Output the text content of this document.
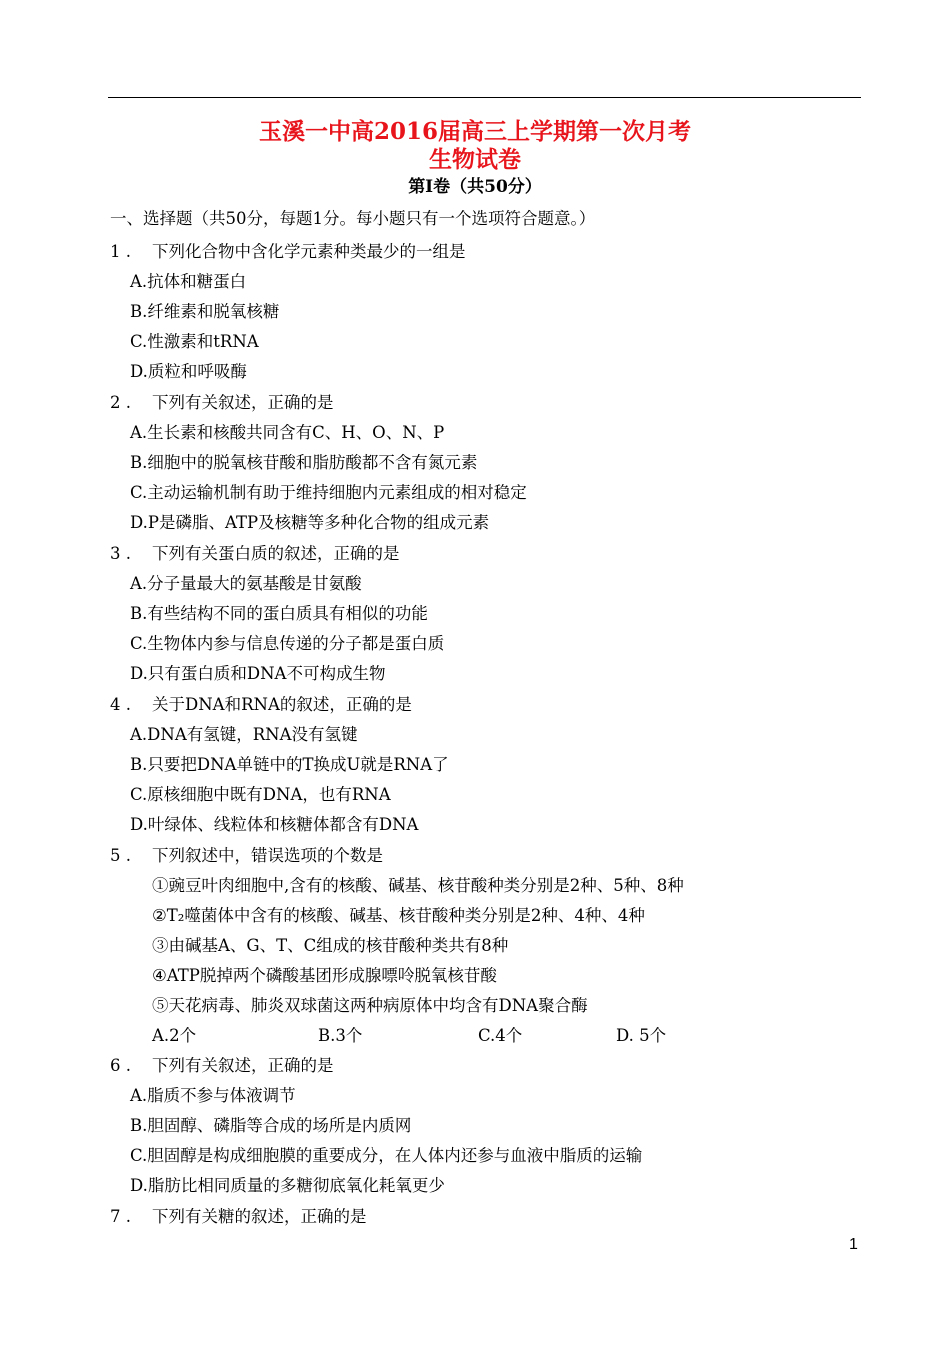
玉溪一中高2016届高三上学期第一次月考
生物试卷
第Ⅰ卷（共50分）
一、选择题（共50分，每题1分。每小题只有一个选项符合题意。）
1 . 下列化合物中含化学元素种类最少的一组是
A.抗体和糖蛋白
B.纤维素和脱氧核糖
C.性激素和tRNA
D.质粒和呼吸酶
2 . 下列有关叙述，正确的是
A.生长素和核酸共同含有C、H、O、N、P
B.细胞中的脱氧核苷酸和脂肪酸都不含有氮元素
C.主动运输机制有助于维持细胞内元素组成的相对稳定
D.P是磷脂、ATP及核糖等多种化合物的组成元素
3 . 下列有关蛋白质的叙述，正确的是
A.分子量最大的氨基酸是甘氨酸
B.有些结构不同的蛋白质具有相似的功能
C.生物体内参与信息传递的分子都是蛋白质
D.只有蛋白质和DNA不可构成生物
4 . 关于DNA和RNA的叙述，正确的是
A.DNA有氢键，RNA没有氢键
B.只要把DNA单链中的T换成U就是RNA了
C.原核细胞中既有DNA，也有RNA
D.叶绿体、线粒体和核糖体都含有DNA
5 . 下列叙述中，错误选项的个数是
①豌豆叶肉细胞中,含有的核酸、碱基、核苷酸种类分别是2种、5种、8种
②T₂噬菌体中含有的核酸、碱基、核苷酸种类分别是2种、4种、4种
③由碱基A、G、T、C组成的核苷酸种类共有8种
④ATP脱掉两个磷酸基团形成腺嘌呤脱氧核苷酸
⑤天花病毒、肺炎双球菌这两种病原体中均含有DNA聚合酶
A.2个	B.3个	C.4个	D. 5个
6 . 下列有关叙述，正确的是
A.脂质不参与体液调节
B.胆固醇、磷脂等合成的场所是内质网
C.胆固醇是构成细胞膜的重要成分，在人体内还参与血液中脂质的运输
D.脂肪比相同质量的多糖彻底氧化耗氧更少
7 . 下列有关糖的叙述，正确的是
1
